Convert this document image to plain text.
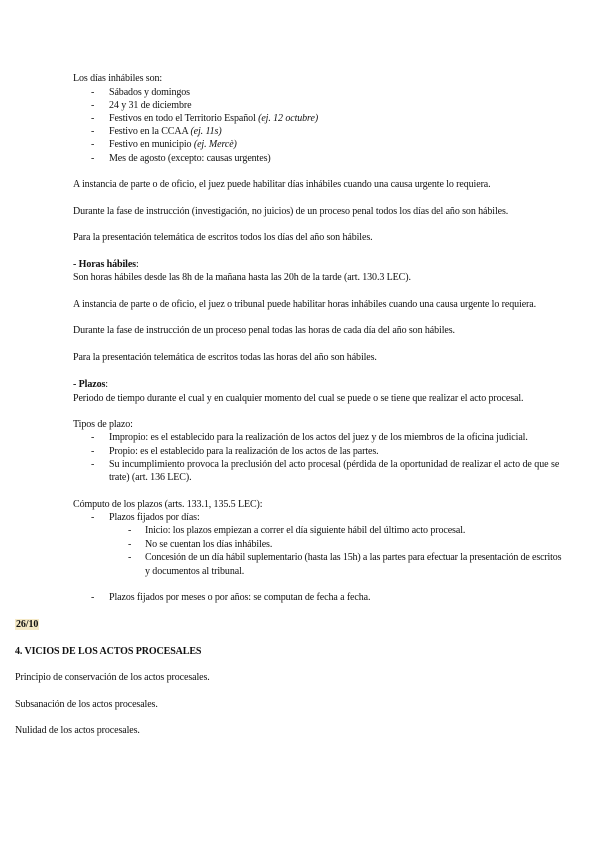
Los días inhábiles son:
- Sábados y domingos
- 24 y 31 de diciembre
- Festivos en todo el Territorio Español (ej. 12 octubre)
- Festivo en la CCAA (ej. 11s)
- Festivo en municipio (ej. Mercè)
- Mes de agosto (excepto: causas urgentes)
A instancia de parte o de oficio, el juez puede habilitar días inhábiles cuando una causa urgente lo requiera.
Durante la fase de instrucción (investigación, no juicios) de un proceso penal todos los días del año son hábiles.
Para la presentación telemática de escritos todos los días del año son hábiles.
- Horas hábiles:
Son horas hábiles desde las 8h de la mañana hasta las 20h de la tarde (art. 130.3 LEC).
A instancia de parte o de oficio, el juez o tribunal puede habilitar horas inhábiles cuando una causa urgente lo requiera.
Durante la fase de instrucción de un proceso penal todas las horas de cada día del año son hábiles.
Para la presentación telemática de escritos todas las horas del año son hábiles.
- Plazos:
Periodo de tiempo durante el cual y en cualquier momento del cual se puede o se tiene que realizar el acto procesal.
Tipos de plazo:
- Impropio: es el establecido para la realización de los actos del juez y de los miembros de la oficina judicial.
- Propio: es el establecido para la realización de los actos de las partes.
- Su incumplimiento provoca la preclusión del acto procesal (pérdida de la oportunidad de realizar el acto de que se
trate) (art. 136 LEC).
Cómputo de los plazos (arts. 133.1, 135.5 LEC):
- Plazos fijados por días:
- Inicio: los plazos empiezan a correr el día siguiente hábil del último acto procesal.
- No se cuentan los días inhábiles.
- Concesión de un día hábil suplementario (hasta las 15h) a las partes para efectuar la presentación de escritos
y documentos al tribunal.
- Plazos fijados por meses o por años: se computan de fecha a fecha.
26/10
4. VICIOS DE LOS ACTOS PROCESALES
Principio de conservación de los actos procesales.
Subsanación de los actos procesales.
Nulidad de los actos procesales.
